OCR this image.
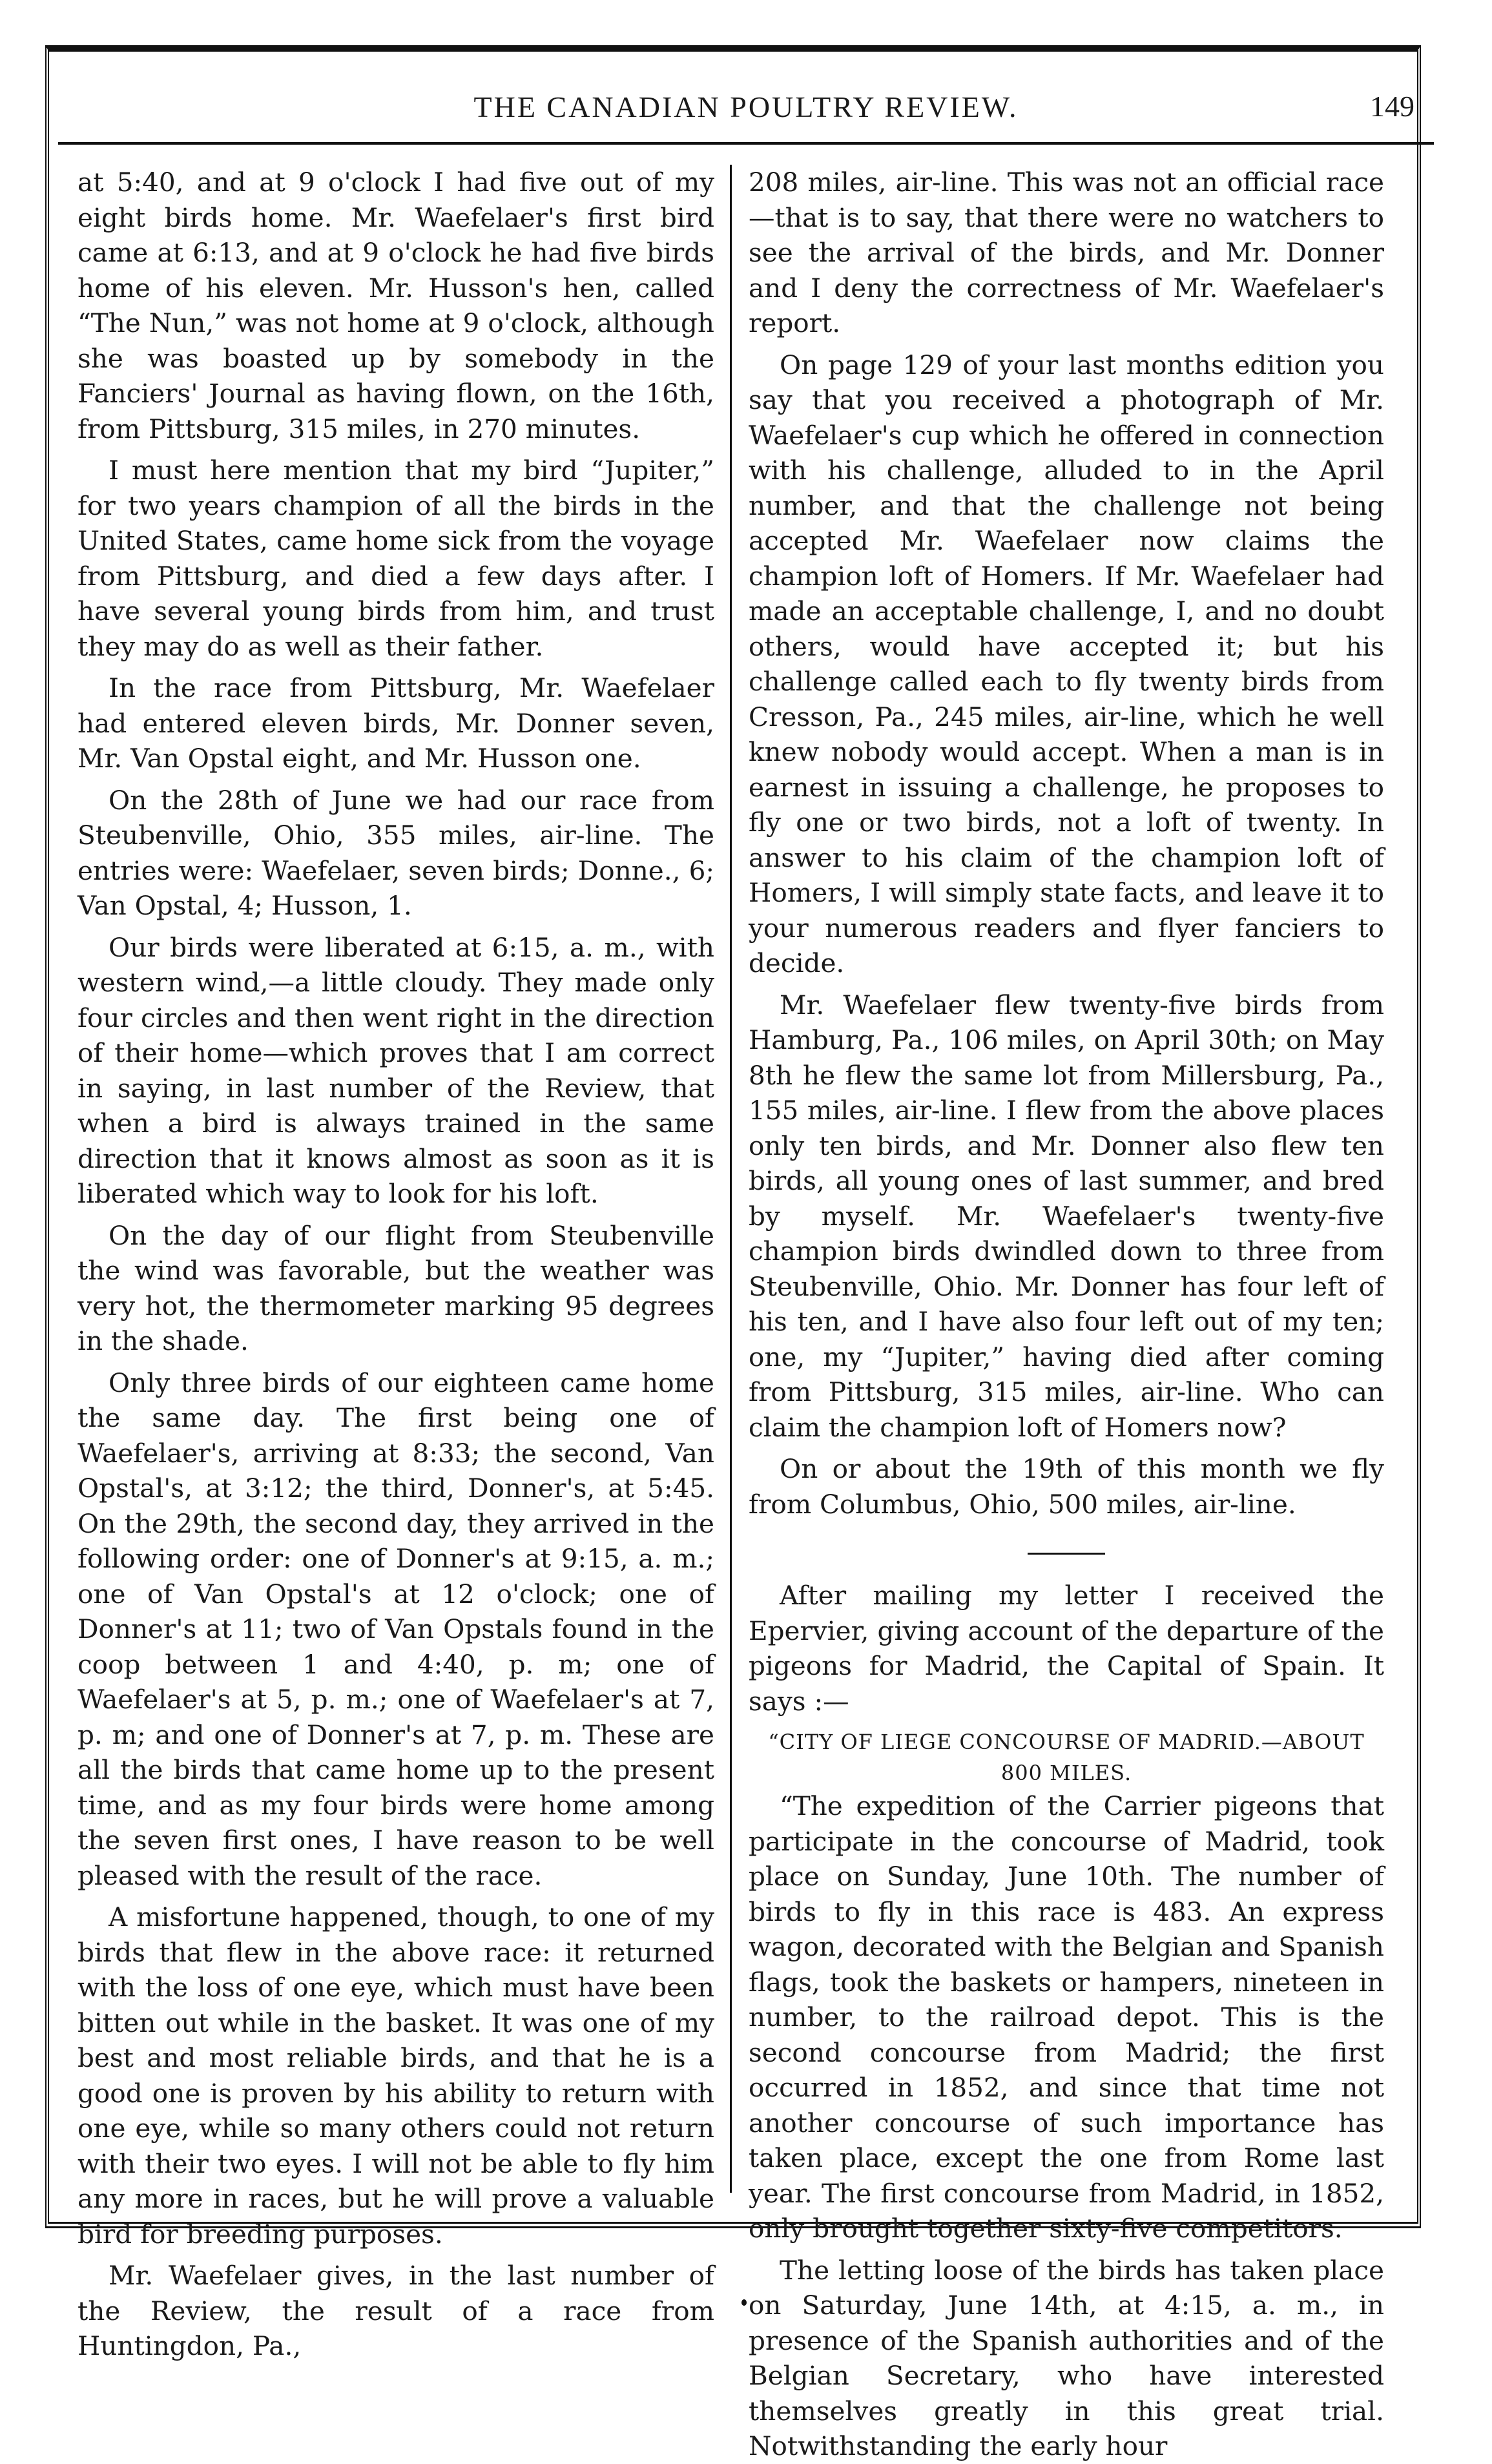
THE CANADIAN POULTRY REVIEW.	149

at 5:40, and at 9 o'clock I had five out of my eight birds home. Mr. Waefelaer's first bird came at 6:13, and at 9 o'clock he had five birds home of his eleven. Mr. Husson's hen, called “The Nun,” was not home at 9 o'clock, although she was boasted up by somebody in the Fanciers' Journal as having flown, on the 16th, from Pittsburg, 315 miles, in 270 minutes.

I must here mention that my bird “Jupiter,” for two years champion of all the birds in the United States, came home sick from the voyage from Pittsburg, and died a few days after. I have several young birds from him, and trust they may do as well as their father.

In the race from Pittsburg, Mr. Waefelaer had entered eleven birds, Mr. Donner seven, Mr. Van Opstal eight, and Mr. Husson one.

On the 28th of June we had our race from Steubenville, Ohio, 355 miles, air-line. The entries were: Waefelaer, seven birds; Donne., 6; Van Opstal, 4; Husson, 1.

Our birds were liberated at 6:15, a. m., with western wind,—a little cloudy. They made only four circles and then went right in the direction of their home—which proves that I am correct in saying, in last number of the Review, that when a bird is always trained in the same direction that it knows almost as soon as it is liberated which way to look for his loft.

On the day of our flight from Steubenville the wind was favorable, but the weather was very hot, the thermometer marking 95 degrees in the shade.

Only three birds of our eighteen came home the same day. The first being one of Waefelaer's, arriving at 8:33; the second, Van Opstal's, at 3:12; the third, Donner's, at 5:45. On the 29th, the second day, they arrived in the following order: one of Donner's at 9:15, a. m.; one of Van Opstal's at 12 o'clock; one of Donner's at 11; two of Van Opstals found in the coop between 1 and 4:40, p. m; one of Waefelaer's at 5, p. m.; one of Waefelaer's at 7, p. m; and one of Donner's at 7, p. m. These are all the birds that came home up to the present time, and as my four birds were home among the seven first ones, I have reason to be well pleased with the result of the race.

A misfortune happened, though, to one of my birds that flew in the above race: it returned with the loss of one eye, which must have been bitten out while in the basket. It was one of my best and most reliable birds, and that he is a good one is proven by his ability to return with one eye, while so many others could not return with their two eyes. I will not be able to fly him any more in races, but he will prove a valuable bird for breeding purposes.

Mr. Waefelaer gives, in the last number of the Review, the result of a race from Huntingdon, Pa.,

208 miles, air-line. This was not an official race—that is to say, that there were no watchers to see the arrival of the birds, and Mr. Donner and I deny the correctness of Mr. Waefelaer's report.

On page 129 of your last months edition you say that you received a photograph of Mr. Waefelaer's cup which he offered in connection with his challenge, alluded to in the April number, and that the challenge not being accepted Mr. Waefelaer now claims the champion loft of Homers. If Mr. Waefelaer had made an acceptable challenge, I, and no doubt others, would have accepted it; but his challenge called each to fly twenty birds from Cresson, Pa., 245 miles, air-line, which he well knew nobody would accept. When a man is in earnest in issuing a challenge, he proposes to fly one or two birds, not a loft of twenty. In answer to his claim of the champion loft of Homers, I will simply state facts, and leave it to your numerous readers and flyer fanciers to decide.

Mr. Waefelaer flew twenty-five birds from Hamburg, Pa., 106 miles, on April 30th; on May 8th he flew the same lot from Millersburg, Pa., 155 miles, air-line. I flew from the above places only ten birds, and Mr. Donner also flew ten birds, all young ones of last summer, and bred by myself. Mr. Waefelaer's twenty-five champion birds dwindled down to three from Steubenville, Ohio. Mr. Donner has four left of his ten, and I have also four left out of my ten; one, my “Jupiter,” having died after coming from Pittsburg, 315 miles, air-line. Who can claim the champion loft of Homers now?

On or about the 19th of this month we fly from Columbus, Ohio, 500 miles, air-line.

After mailing my letter I received the Epervier, giving account of the departure of the pigeons for Madrid, the Capital of Spain. It says :—

“CITY OF LIEGE CONCOURSE OF MADRID.—ABOUT
800 MILES.

“The expedition of the Carrier pigeons that participate in the concourse of Madrid, took place on Sunday, June 10th. The number of birds to fly in this race is 483. An express wagon, decorated with the Belgian and Spanish flags, took the baskets or hampers, nineteen in number, to the railroad depot. This is the second concourse from Madrid; the first occurred in 1852, and since that time not another concourse of such importance has taken place, except the one from Rome last year. The first concourse from Madrid, in 1852, only brought together sixty-five competitors.

The letting loose of the birds has taken place on Saturday, June 14th, at 4:15, a. m., in presence of the Spanish authorities and of the Belgian Secretary, who have interested themselves greatly in this great trial. Notwithstanding the early hour
